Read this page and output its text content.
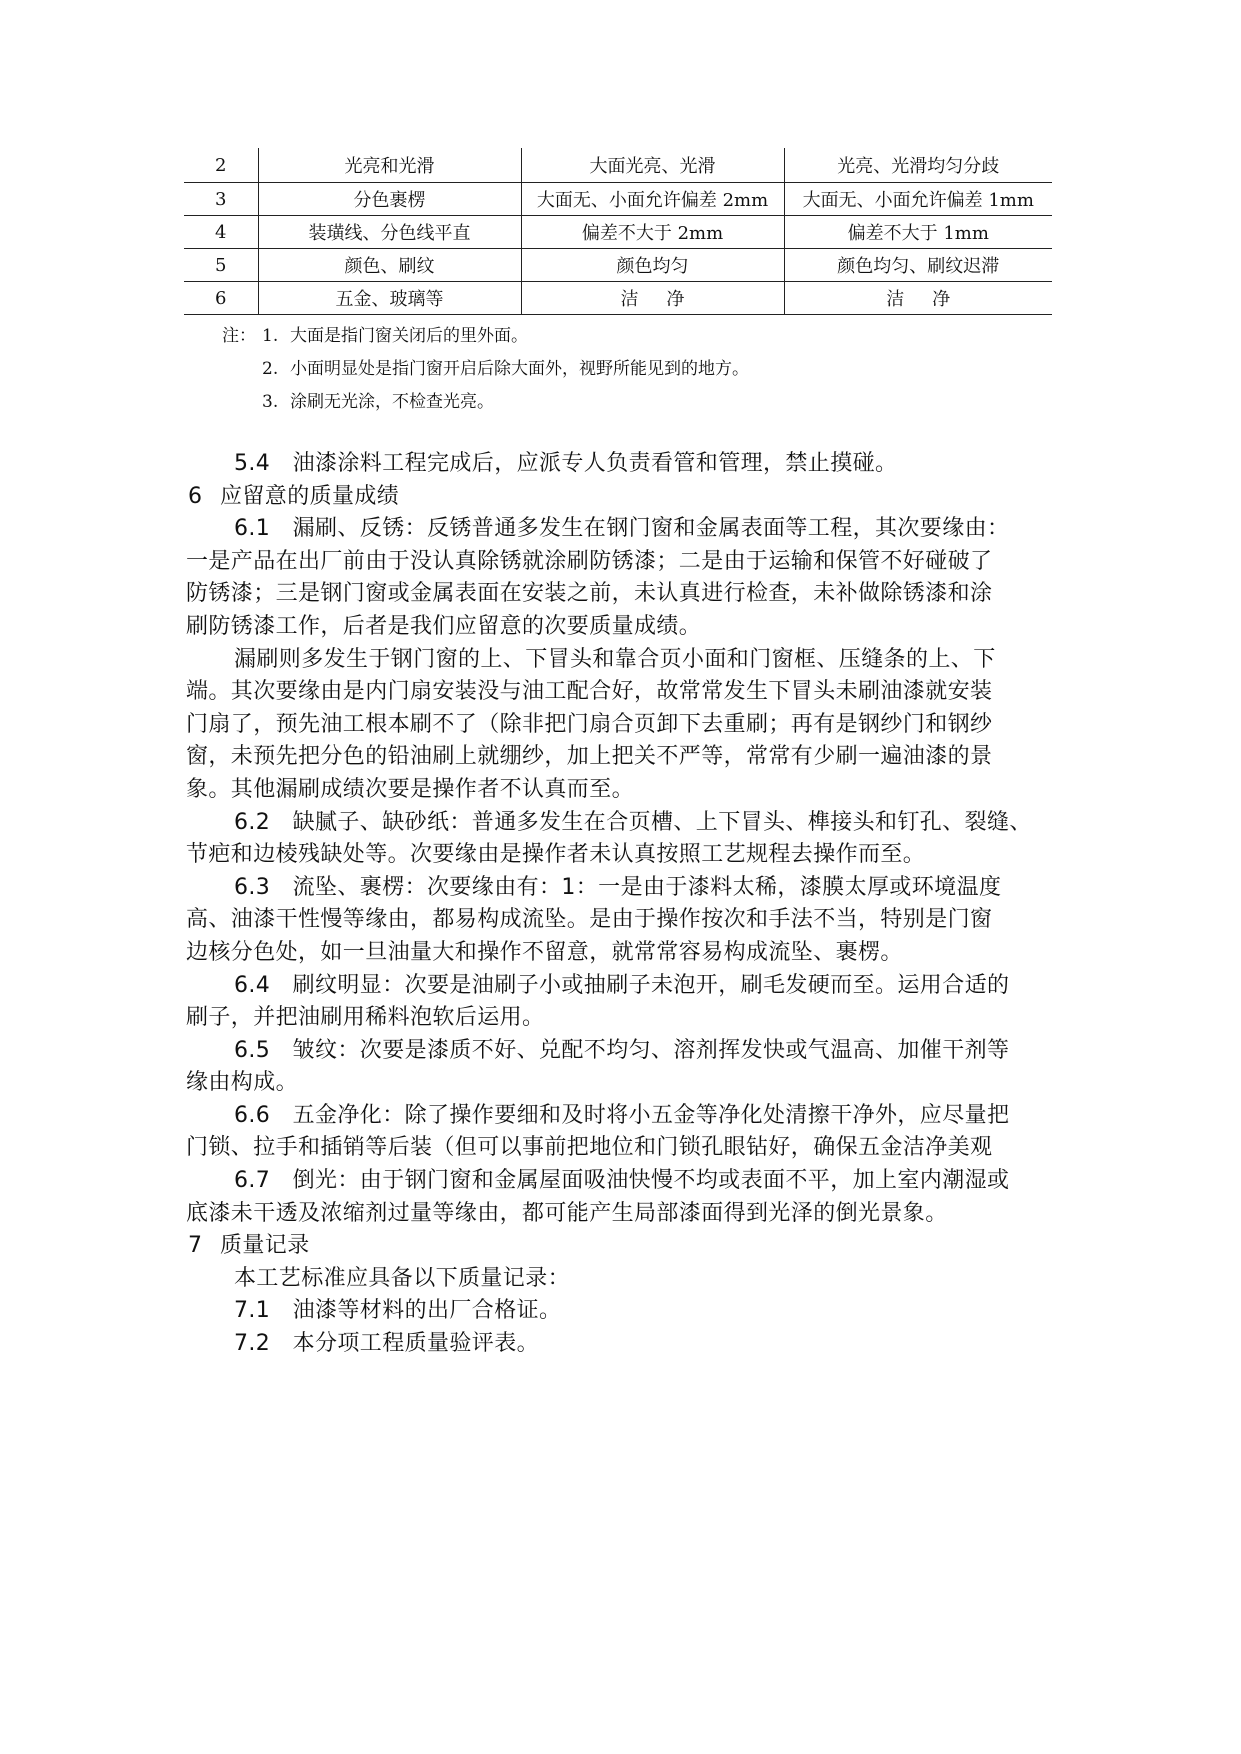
2	光亮和光滑	大面光亮、光滑	光亮、光滑均匀分歧
3	分色裹楞	大面无、小面允许偏差 2mm	大面无、小面允许偏差 1mm
4	装璜线、分色线平直	偏差不大于 2mm	偏差不大于 1mm
5	颜色、刷纹	颜色均匀	颜色均匀、刷纹迟滞
6	五金、玻璃等	洁净	洁净
注： 1. 大面是指门窗关闭后的里外面。
2. 小面明显处是指门窗开启后除大面外，视野所能见到的地方。
3. 涂刷无光涂，不检查光亮。
5.4　油漆涂料工程完成后，应派专人负责看管和管理，禁止摸碰。
6 应留意的质量成绩
6.1　漏刷、反锈：反锈普通多发生在钢门窗和金属表面等工程，其次要缘由：
一是产品在出厂前由于没认真除锈就涂刷防锈漆；二是由于运输和保管不好碰破了
防锈漆；三是钢门窗或金属表面在安装之前，未认真进行检查，未补做除锈漆和涂
刷防锈漆工作，后者是我们应留意的次要质量成绩。
漏刷则多发生于钢门窗的上、下冒头和靠合页小面和门窗框、压缝条的上、下
端。其次要缘由是内门扇安装没与油工配合好，故常常发生下冒头未刷油漆就安装
门扇了，预先油工根本刷不了（除非把门扇合页卸下去重刷；再有是钢纱门和钢纱
窗，未预先把分色的铅油刷上就绷纱，加上把关不严等，常常有少刷一遍油漆的景
象。其他漏刷成绩次要是操作者不认真而至。
6.2　缺腻子、缺砂纸：普通多发生在合页槽、上下冒头、榫接头和钉孔、裂缝、
节疤和边棱残缺处等。次要缘由是操作者未认真按照工艺规程去操作而至。
6.3　流坠、裹楞：次要缘由有：1：一是由于漆料太稀，漆膜太厚或环境温度
高、油漆干性慢等缘由，都易构成流坠。是由于操作按次和手法不当，特别是门窗
边核分色处，如一旦油量大和操作不留意，就常常容易构成流坠、裹楞。
6.4　刷纹明显：次要是油刷子小或抽刷子未泡开，刷毛发硬而至。运用合适的
刷子，并把油刷用稀料泡软后运用。
6.5　皱纹：次要是漆质不好、兑配不均匀、溶剂挥发快或气温高、加催干剂等
缘由构成。
6.6　五金净化：除了操作要细和及时将小五金等净化处清擦干净外，应尽量把
门锁、拉手和插销等后装（但可以事前把地位和门锁孔眼钻好，确保五金洁净美观
6.7　倒光：由于钢门窗和金属屋面吸油快慢不均或表面不平，加上室内潮湿或
底漆未干透及浓缩剂过量等缘由，都可能产生局部漆面得到光泽的倒光景象。
7 质量记录
本工艺标准应具备以下质量记录：
7.1　油漆等材料的出厂合格证。
7.2　本分项工程质量验评表。
